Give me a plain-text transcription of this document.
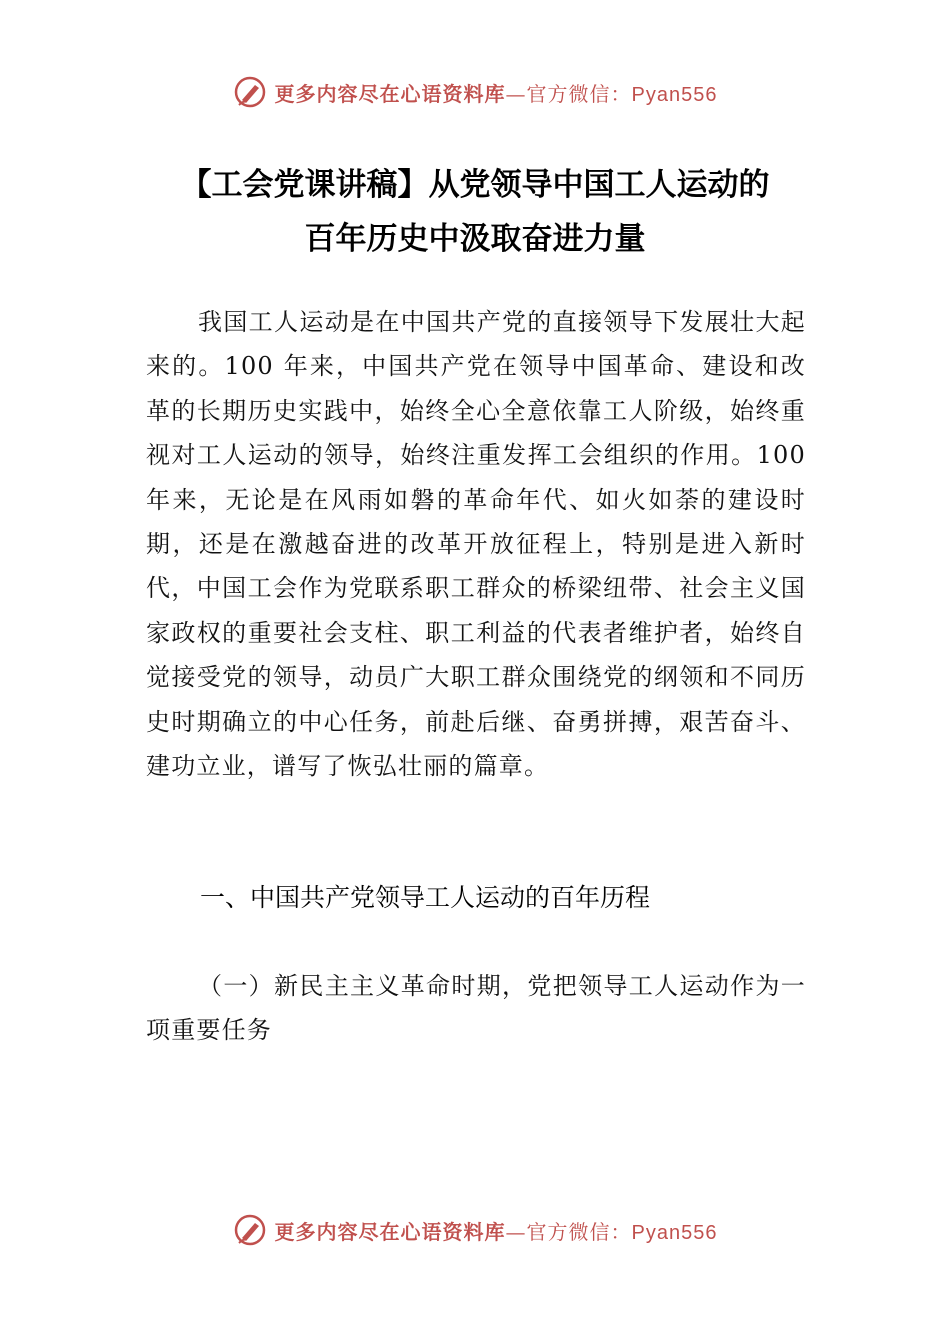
更多内容尽在心语资料库—官方微信：Pyan556
【工会党课讲稿】从党领导中国工人运动的
百年历史中汲取奋进力量

我国工人运动是在中国共产党的直接领导下发展壮大起来的。100 年来，中国共产党在领导中国革命、建设和改革的长期历史实践中，始终全心全意依靠工人阶级，始终重视对工人运动的领导，始终注重发挥工会组织的作用。100 年来，无论是在风雨如磐的革命年代、如火如荼的建设时期，还是在激越奋进的改革开放征程上，特别是进入新时代，中国工会作为党联系职工群众的桥梁纽带、社会主义国家政权的重要社会支柱、职工利益的代表者维护者，始终自觉接受党的领导，动员广大职工群众围绕党的纲领和不同历史时期确立的中心任务，前赴后继、奋勇拼搏，艰苦奋斗、建功立业，谱写了恢弘壮丽的篇章。

一、中国共产党领导工人运动的百年历程

（一）新民主主义革命时期，党把领导工人运动作为一项重要任务

更多内容尽在心语资料库—官方微信：Pyan556
